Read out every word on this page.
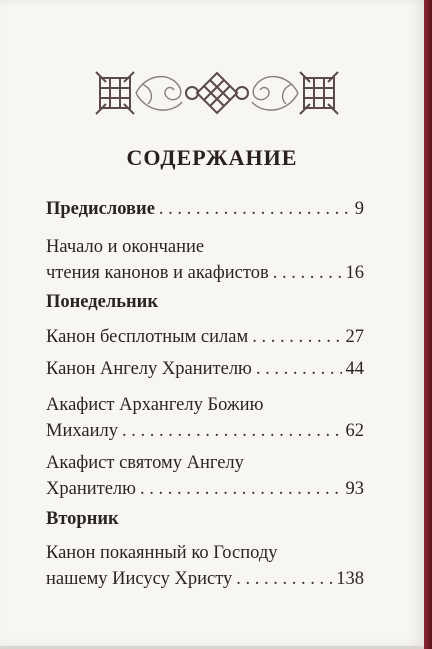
СОДЕРЖАНИЕ
Предисловие . . .	9
Начало и окончание
чтения канонов и акафистов . . .	16
Понедельник
Канон бесплотным силам . . .	27
Канон Ангелу Хранителю . . .	44
Акафист Архангелу Божию
Михаилу . . .	62
Акафист святому Ангелу
Хранителю . . .	93
Вторник
Канон покаянный ко Господу
нашему Иисусу Христу . . .	138
